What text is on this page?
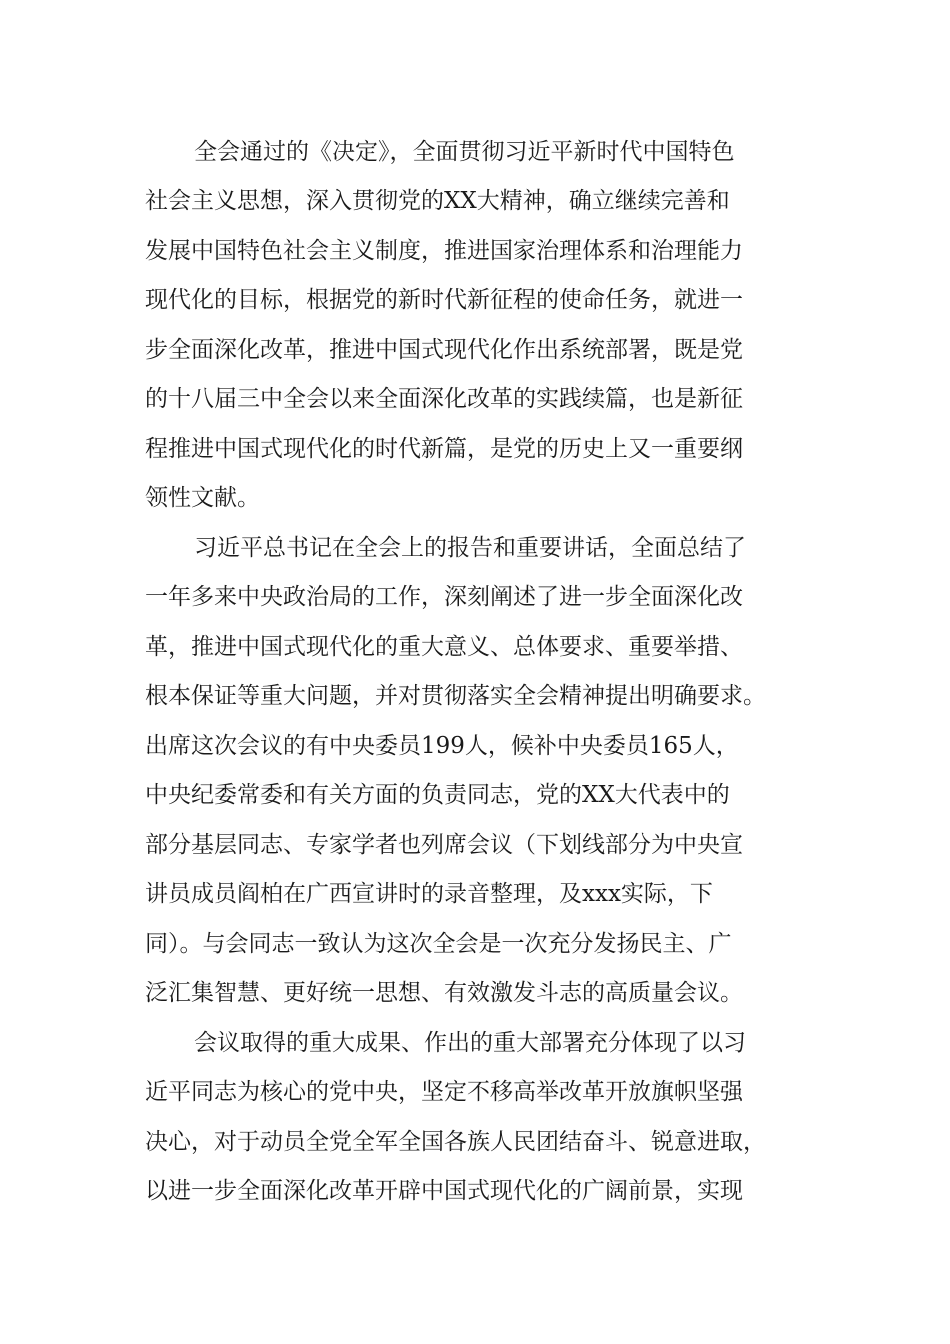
全会通过的《决定》，全面贯彻习近平新时代中国特色
社会主义思想，深入贯彻党的XX大精神，确立继续完善和
发展中国特色社会主义制度，推进国家治理体系和治理能力
现代化的目标，根据党的新时代新征程的使命任务，就进一
步全面深化改革，推进中国式现代化作出系统部署，既是党
的十八届三中全会以来全面深化改革的实践续篇，也是新征
程推进中国式现代化的时代新篇，是党的历史上又一重要纲
领性文献。
习近平总书记在全会上的报告和重要讲话，全面总结了
一年多来中央政治局的工作，深刻阐述了进一步全面深化改
革，推进中国式现代化的重大意义、总体要求、重要举措、
根本保证等重大问题，并对贯彻落实全会精神提出明确要求。
出席这次会议的有中央委员199人，候补中央委员165人，
中央纪委常委和有关方面的负责同志，党的XX大代表中的
部分基层同志、专家学者也列席会议（下划线部分为中央宣
讲员成员阎柏在广西宣讲时的录音整理，及xxx实际，下
同）。与会同志一致认为这次全会是一次充分发扬民主、广
泛汇集智慧、更好统一思想、有效激发斗志的高质量会议。
会议取得的重大成果、作出的重大部署充分体现了以习
近平同志为核心的党中央，坚定不移高举改革开放旗帜坚强
决心，对于动员全党全军全国各族人民团结奋斗、锐意进取，
以进一步全面深化改革开辟中国式现代化的广阔前景，实现
